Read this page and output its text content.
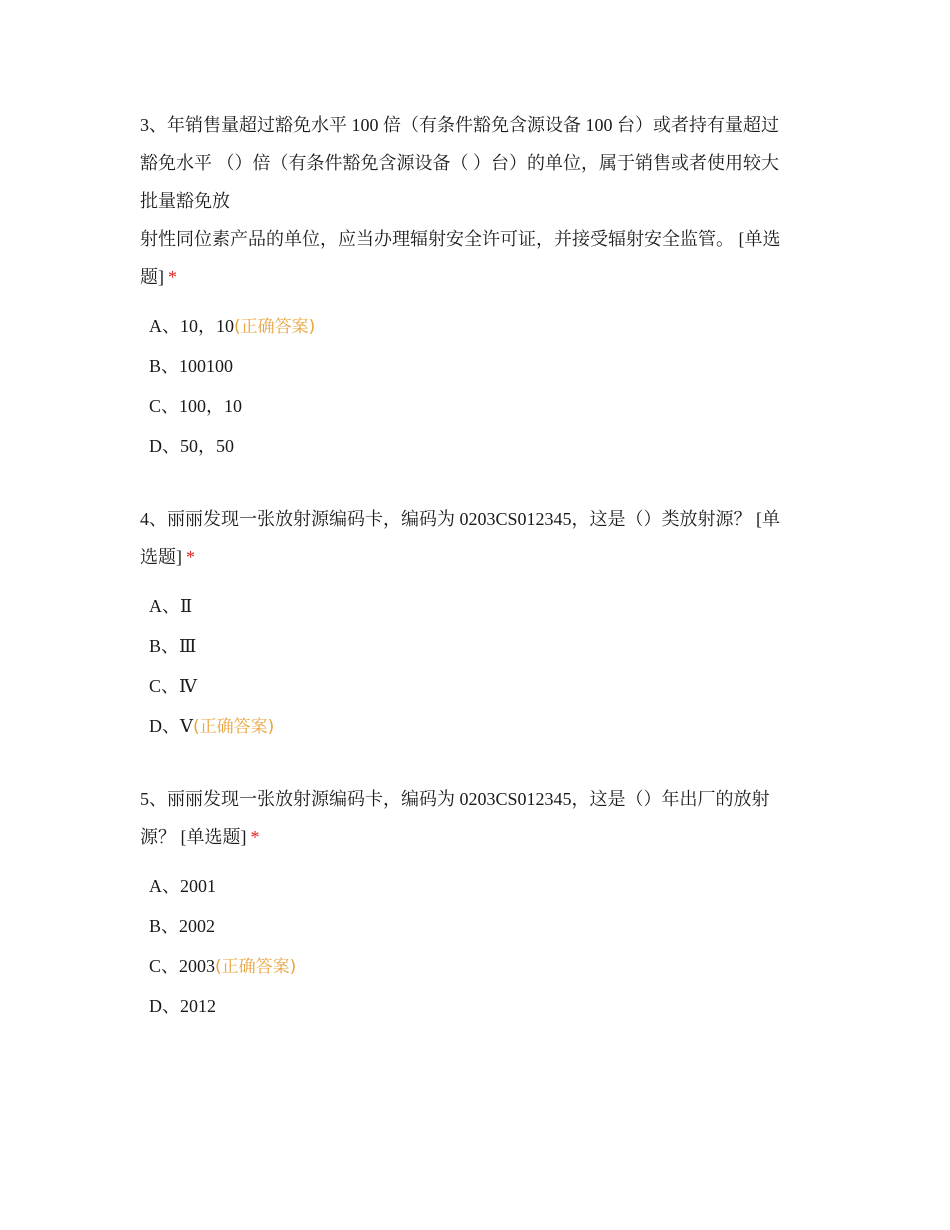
3、年销售量超过豁免水平 100 倍（有条件豁免含源设备 100 台）或者持有量超过
豁免水平 （）倍（有条件豁免含源设备（ ）台）的单位，属于销售或者使用较大
批量豁免放
射性同位素产品的单位，应当办理辐射安全许可证，并接受辐射安全监管。 [单选
题] *

A、10，10(正确答案)
B、100100
C、100，10
D、50，50

4、丽丽发现一张放射源编码卡，编码为 0203CS012345，这是（）类放射源？ [单
选题] *

A、Ⅱ
B、Ⅲ
C、Ⅳ
D、Ⅴ(正确答案)

5、丽丽发现一张放射源编码卡，编码为 0203CS012345，这是（）年出厂的放射
源？ [单选题] *

A、2001
B、2002
C、2003(正确答案)
D、2012
